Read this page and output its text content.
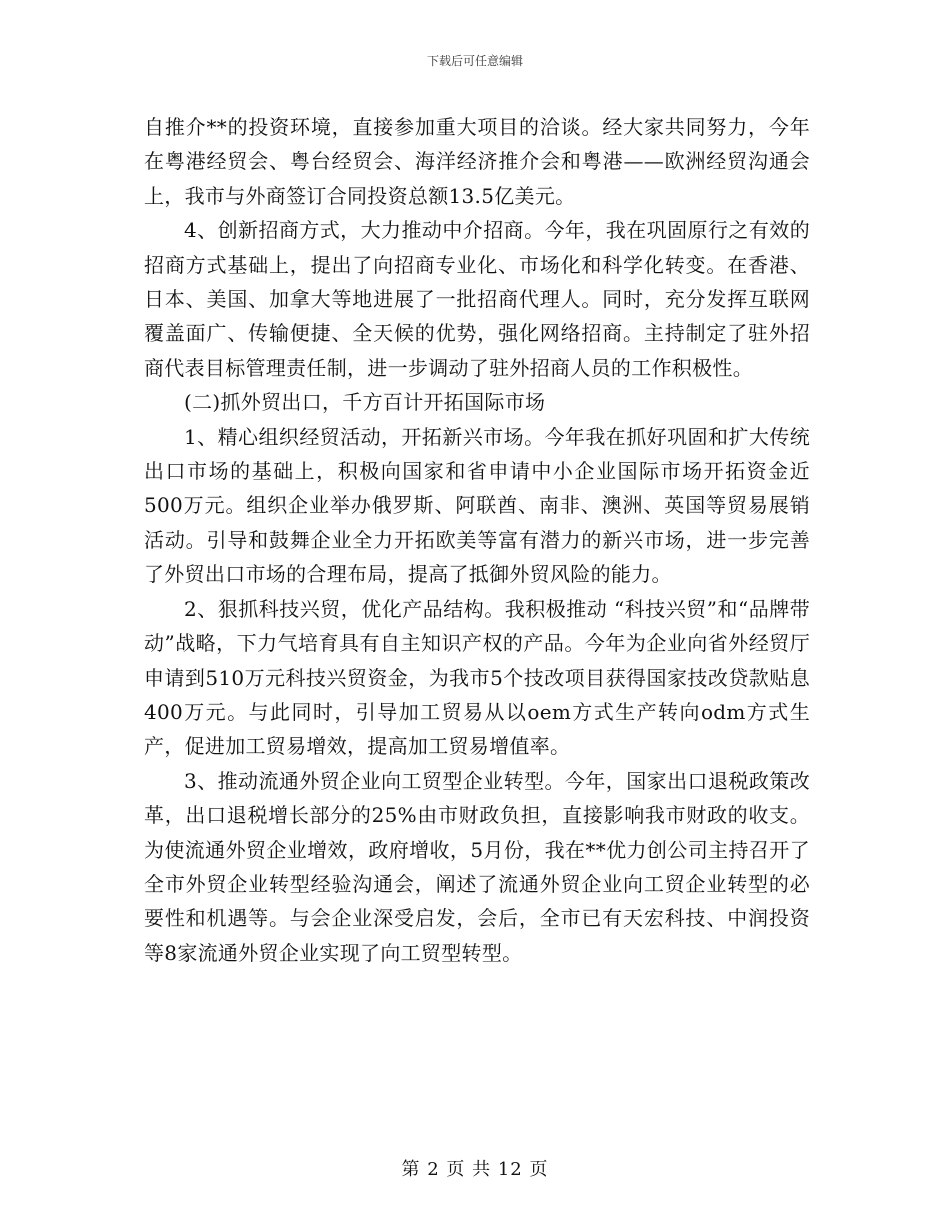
下载后可任意编辑

自推介**的投资环境，直接参加重大项目的洽谈。经大家共同努力，今年在粤港经贸会、粤台经贸会、海洋经济推介会和粤港——欧洲经贸沟通会上，我市与外商签订合同投资总额13.5亿美元。

4、创新招商方式，大力推动中介招商。今年，我在巩固原行之有效的招商方式基础上，提出了向招商专业化、市场化和科学化转变。在香港、日本、美国、加拿大等地进展了一批招商代理人。同时，充分发挥互联网覆盖面广、传输便捷、全天候的优势，强化网络招商。主持制定了驻外招商代表目标管理责任制，进一步调动了驻外招商人员的工作积极性。

(二)抓外贸出口，千方百计开拓国际市场

1、精心组织经贸活动，开拓新兴市场。今年我在抓好巩固和扩大传统出口市场的基础上，积极向国家和省申请中小企业国际市场开拓资金近500万元。组织企业举办俄罗斯、阿联酋、南非、澳洲、英国等贸易展销活动。引导和鼓舞企业全力开拓欧美等富有潜力的新兴市场，进一步完善了外贸出口市场的合理布局，提高了抵御外贸风险的能力。

2、狠抓科技兴贸，优化产品结构。我积极推动 “科技兴贸”和“品牌带动”战略，下力气培育具有自主知识产权的产品。今年为企业向省外经贸厅申请到510万元科技兴贸资金，为我市5个技改项目获得国家技改贷款贴息400万元。与此同时，引导加工贸易从以oem方式生产转向odm方式生产，促进加工贸易增效，提高加工贸易增值率。

3、推动流通外贸企业向工贸型企业转型。今年，国家出口退税政策改革，出口退税增长部分的25%由市财政负担，直接影响我市财政的收支。为使流通外贸企业增效，政府增收，5月份，我在**优力创公司主持召开了全市外贸企业转型经验沟通会，阐述了流通外贸企业向工贸企业转型的必要性和机遇等。与会企业深受启发，会后，全市已有天宏科技、中润投资等8家流通外贸企业实现了向工贸型转型。

第 2 页 共 12 页
